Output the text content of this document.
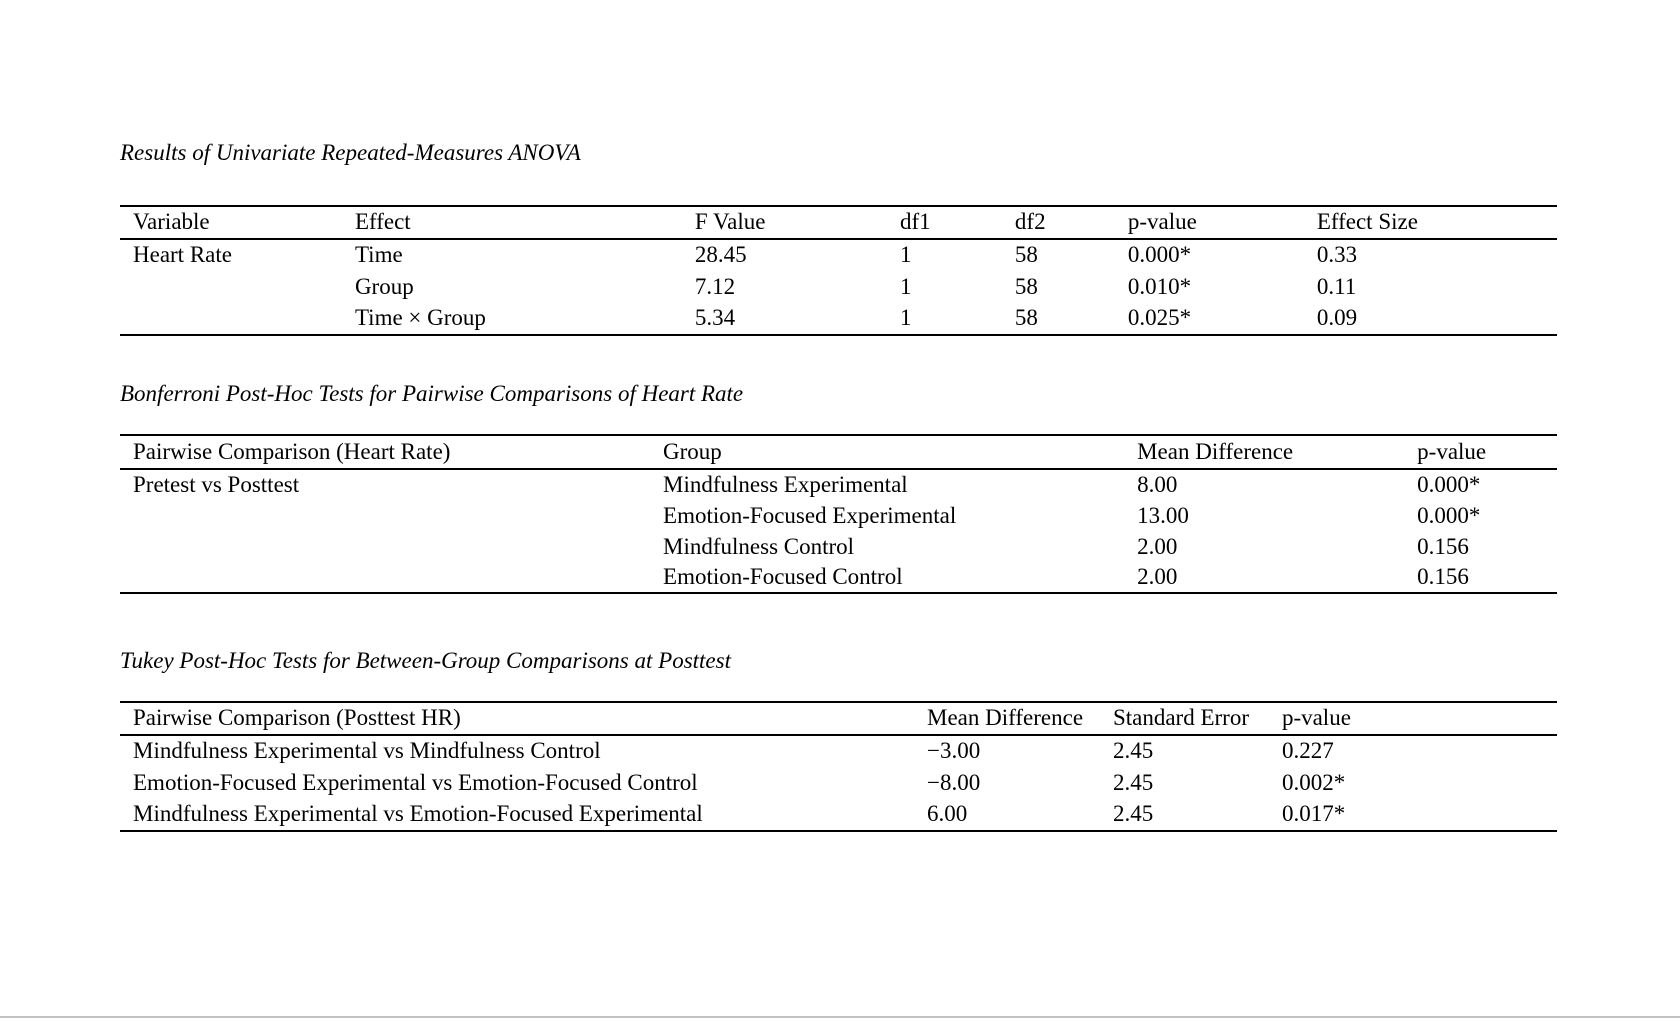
Results of Univariate Repeated-Measures ANOVA

Variable	Effect	F Value	df1	df2	p-value	Effect Size
Heart Rate	Time	28.45	1	58	0.000*	0.33
	Group	7.12	1	58	0.010*	0.11
	Time × Group	5.34	1	58	0.025*	0.09

Bonferroni Post-Hoc Tests for Pairwise Comparisons of Heart Rate

Pairwise Comparison (Heart Rate)	Group	Mean Difference	p-value
Pretest vs Posttest	Mindfulness Experimental	8.00	0.000*
	Emotion-Focused Experimental	13.00	0.000*
	Mindfulness Control	2.00	0.156
	Emotion-Focused Control	2.00	0.156

Tukey Post-Hoc Tests for Between-Group Comparisons at Posttest

Pairwise Comparison (Posttest HR)	Mean Difference	Standard Error	p-value
Mindfulness Experimental vs Mindfulness Control	−3.00	2.45	0.227
Emotion-Focused Experimental vs Emotion-Focused Control	−8.00	2.45	0.002*
Mindfulness Experimental vs Emotion-Focused Experimental	6.00	2.45	0.017*
